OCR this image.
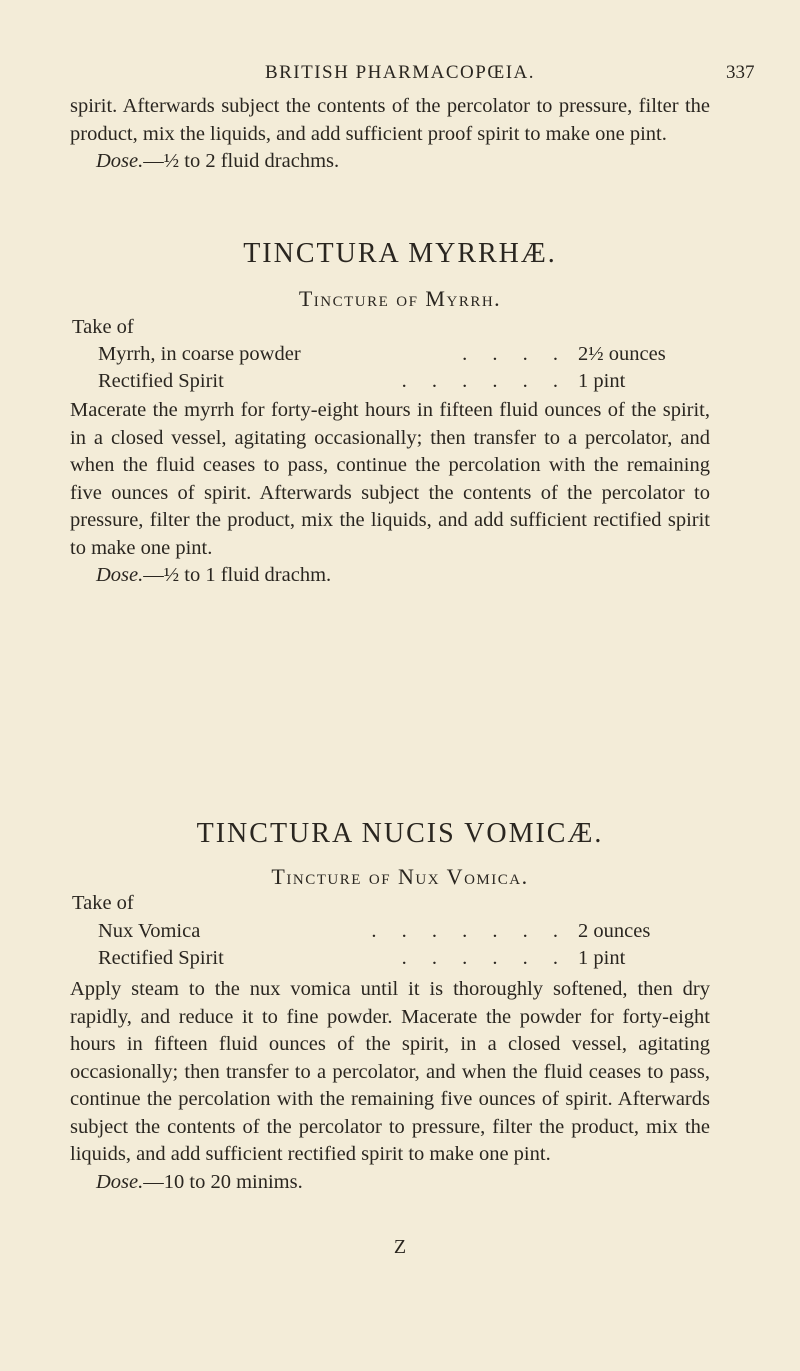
BRITISH PHARMACOPŒIA.	337

spirit. Afterwards subject the contents of the percolator to pressure, filter the product, mix the liquids, and add sufficient proof spirit to make one pint.

Dose.—½ to 2 fluid drachms.

TINCTURA MYRRHÆ.
Tincture of Myrrh.
Take of
Myrrh, in coarse powder	. . . . 2½ ounces
Rectified Spirit	. . . . . . 1 pint

Macerate the myrrh for forty-eight hours in fifteen fluid ounces of the spirit, in a closed vessel, agitating occasionally; then transfer to a percolator, and when the fluid ceases to pass, continue the percolation with the remaining five ounces of spirit. Afterwards subject the contents of the percolator to pressure, filter the product, mix the liquids, and add sufficient rectified spirit to make one pint.

Dose.—½ to 1 fluid drachm.

TINCTURA NUCIS VOMICÆ.
Tincture of Nux Vomica.
Take of
Nux Vomica	. . . . . . . 2 ounces
Rectified Spirit	. . . . . . 1 pint

Apply steam to the nux vomica until it is thoroughly softened, then dry rapidly, and reduce it to fine powder. Macerate the powder for forty-eight hours in fifteen fluid ounces of the spirit, in a closed vessel, agitating occasionally; then transfer to a percolator, and when the fluid ceases to pass, continue the percolation with the remaining five ounces of spirit. Afterwards subject the contents of the percolator to pressure, filter the product, mix the liquids, and add sufficient rectified spirit to make one pint.

Dose.—10 to 20 minims.

Z
